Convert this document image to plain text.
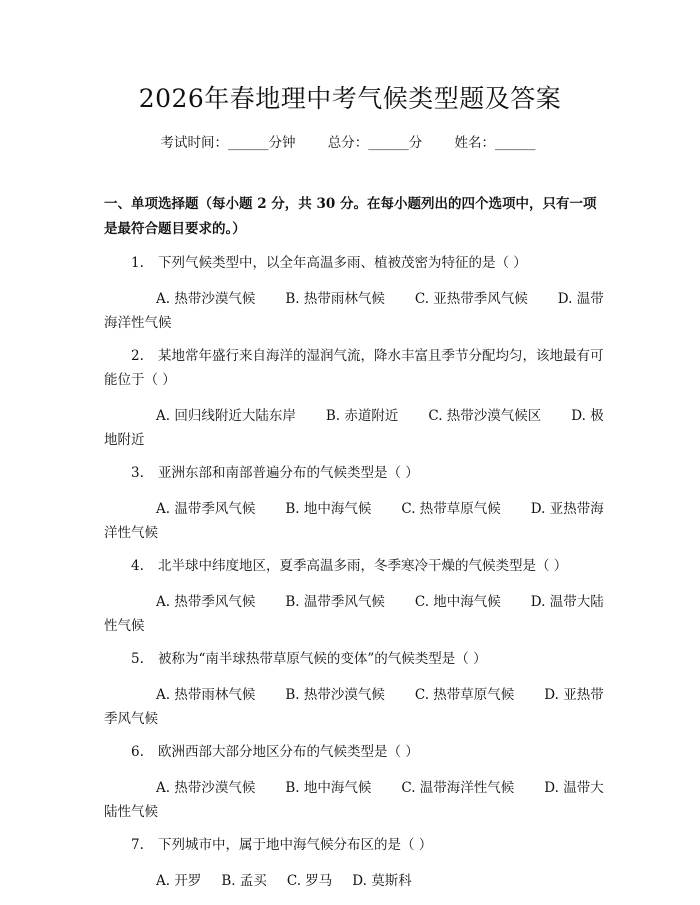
2026年春地理中考气候类型题及答案
考试时间：______分钟 总分：______分 姓名：______
一、单项选择题（每小题 2 分，共 30 分。在每小题列出的四个选项中，只有一项是最符合题目要求的。）
1. 下列气候类型中，以全年高温多雨、植被茂密为特征的是（ ）
A. 热带沙漠气候 B. 热带雨林气候 C. 亚热带季风气候 D. 温带海洋性气候
2. 某地常年盛行来自海洋的湿润气流，降水丰富且季节分配均匀，该地最有可能位于（ ）
A. 回归线附近大陆东岸 B. 赤道附近 C. 热带沙漠气候区 D. 极地附近
3. 亚洲东部和南部普遍分布的气候类型是（ ）
A. 温带季风气候 B. 地中海气候 C. 热带草原气候 D. 亚热带海洋性气候
4. 北半球中纬度地区，夏季高温多雨，冬季寒冷干燥的气候类型是（ ）
A. 热带季风气候 B. 温带季风气候 C. 地中海气候 D. 温带大陆性气候
5. 被称为“南半球热带草原气候的变体”的气候类型是（ ）
A. 热带雨林气候 B. 热带沙漠气候 C. 热带草原气候 D. 亚热带季风气候
6. 欧洲西部大部分地区分布的气候类型是（ ）
A. 热带沙漠气候 B. 地中海气候 C. 温带海洋性气候 D. 温带大陆性气候
7. 下列城市中，属于地中海气候分布区的是（ ）
A. 开罗 B. 孟买 C. 罗马 D. 莫斯科
